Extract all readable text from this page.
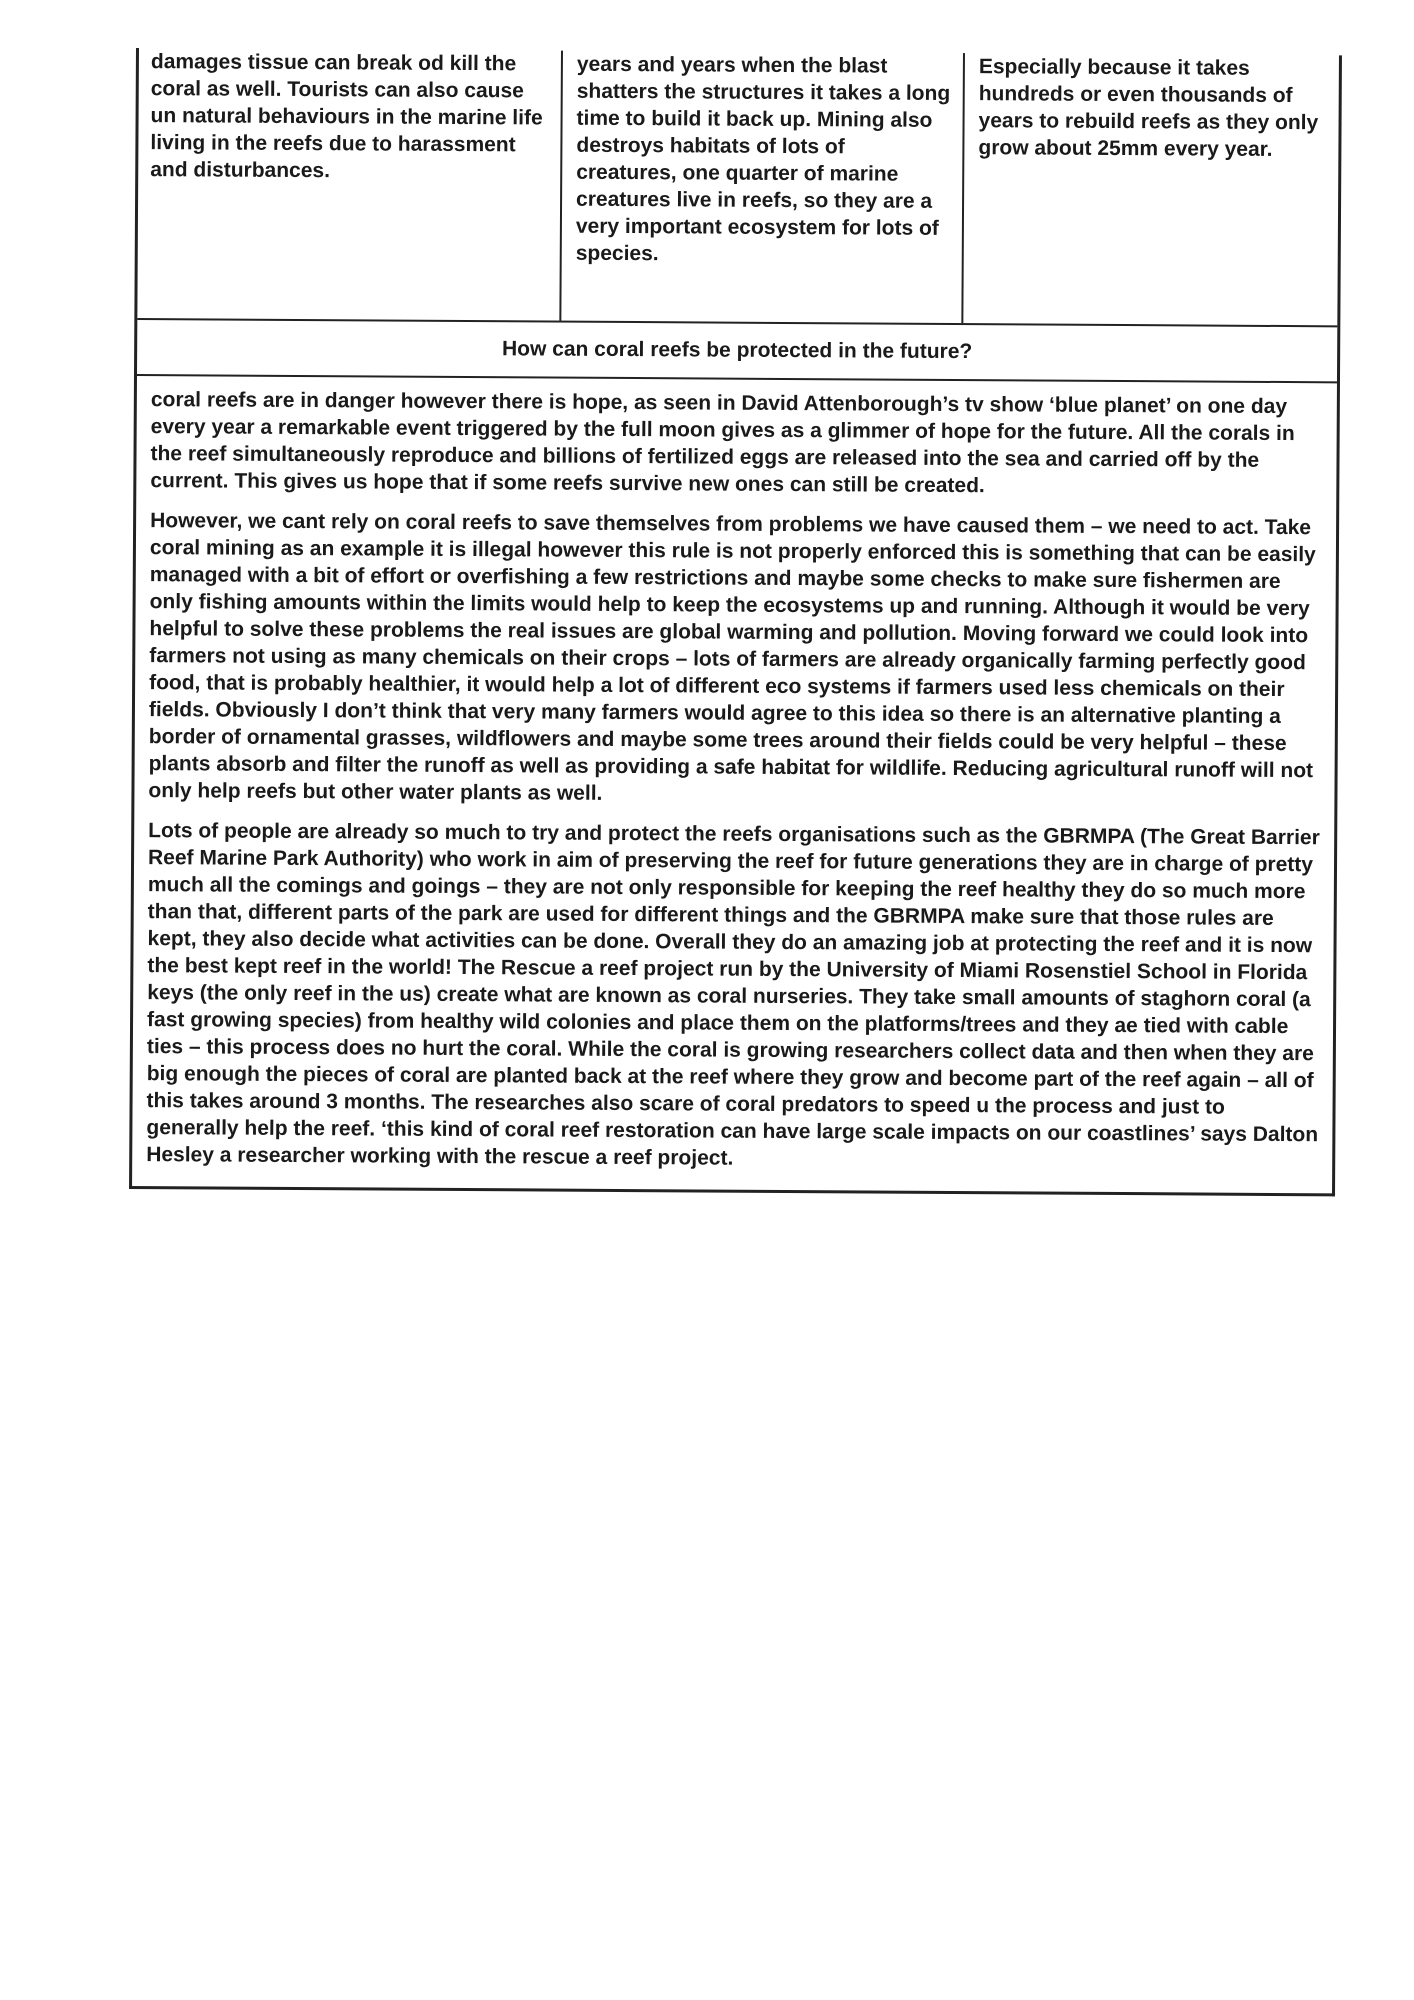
damages tissue can break od kill the coral as well. Tourists can also cause un natural behaviours in the marine life living in the reefs due to harassment and disturbances.
years and years when the blast shatters the structures it takes a long time to build it back up. Mining also destroys habitats of lots of creatures, one quarter of marine creatures live in reefs, so they are a very important ecosystem for lots of species.
Especially because it takes hundreds or even thousands of years to rebuild reefs as they only grow about 25mm every year.
How can coral reefs be protected in the future?

coral reefs are in danger however there is hope, as seen in David Attenborough’s tv show ‘blue planet’ on one day every year a remarkable event triggered by the full moon gives as a glimmer of hope for the future. All the corals in the reef simultaneously reproduce and billions of fertilized eggs are released into the sea and carried off by the current. This gives us hope that if some reefs survive new ones can still be created.

However, we cant rely on coral reefs to save themselves from problems we have caused them – we need to act. Take coral mining as an example it is illegal however this rule is not properly enforced this is something that can be easily managed with a bit of effort or overfishing a few restrictions and maybe some checks to make sure fishermen are only fishing amounts within the limits would help to keep the ecosystems up and running. Although it would be very helpful to solve these problems the real issues are global warming and pollution. Moving forward we could look into farmers not using as many chemicals on their crops – lots of farmers are already organically farming perfectly good food, that is probably healthier, it would help a lot of different eco systems if farmers used less chemicals on their fields. Obviously I don’t think that very many farmers would agree to this idea so there is an alternative planting a border of ornamental grasses, wildflowers and maybe some trees around their fields could be very helpful – these plants absorb and filter the runoff as well as providing a safe habitat for wildlife. Reducing agricultural runoff will not only help reefs but other water plants as well.

Lots of people are already so much to try and protect the reefs organisations such as the GBRMPA (The Great Barrier Reef Marine Park Authority) who work in aim of preserving the reef for future generations they are in charge of pretty much all the comings and goings – they are not only responsible for keeping the reef healthy they do so much more than that, different parts of the park are used for different things and the GBRMPA make sure that those rules are kept, they also decide what activities can be done. Overall they do an amazing job at protecting the reef and it is now the best kept reef in the world! The Rescue a reef project run by the University of Miami Rosenstiel School in Florida keys (the only reef in the us) create what are known as coral nurseries. They take small amounts of staghorn coral (a fast growing species) from healthy wild colonies and place them on the platforms/trees and they ae tied with cable ties – this process does no hurt the coral. While the coral is growing researchers collect data and then when they are big enough the pieces of coral are planted back at the reef where they grow and become part of the reef again – all of this takes around 3 months. The researches also scare of coral predators to speed u the process and just to generally help the reef. ‘this kind of coral reef restoration can have large scale impacts on our coastlines’ says Dalton Hesley a researcher working with the rescue a reef project.
